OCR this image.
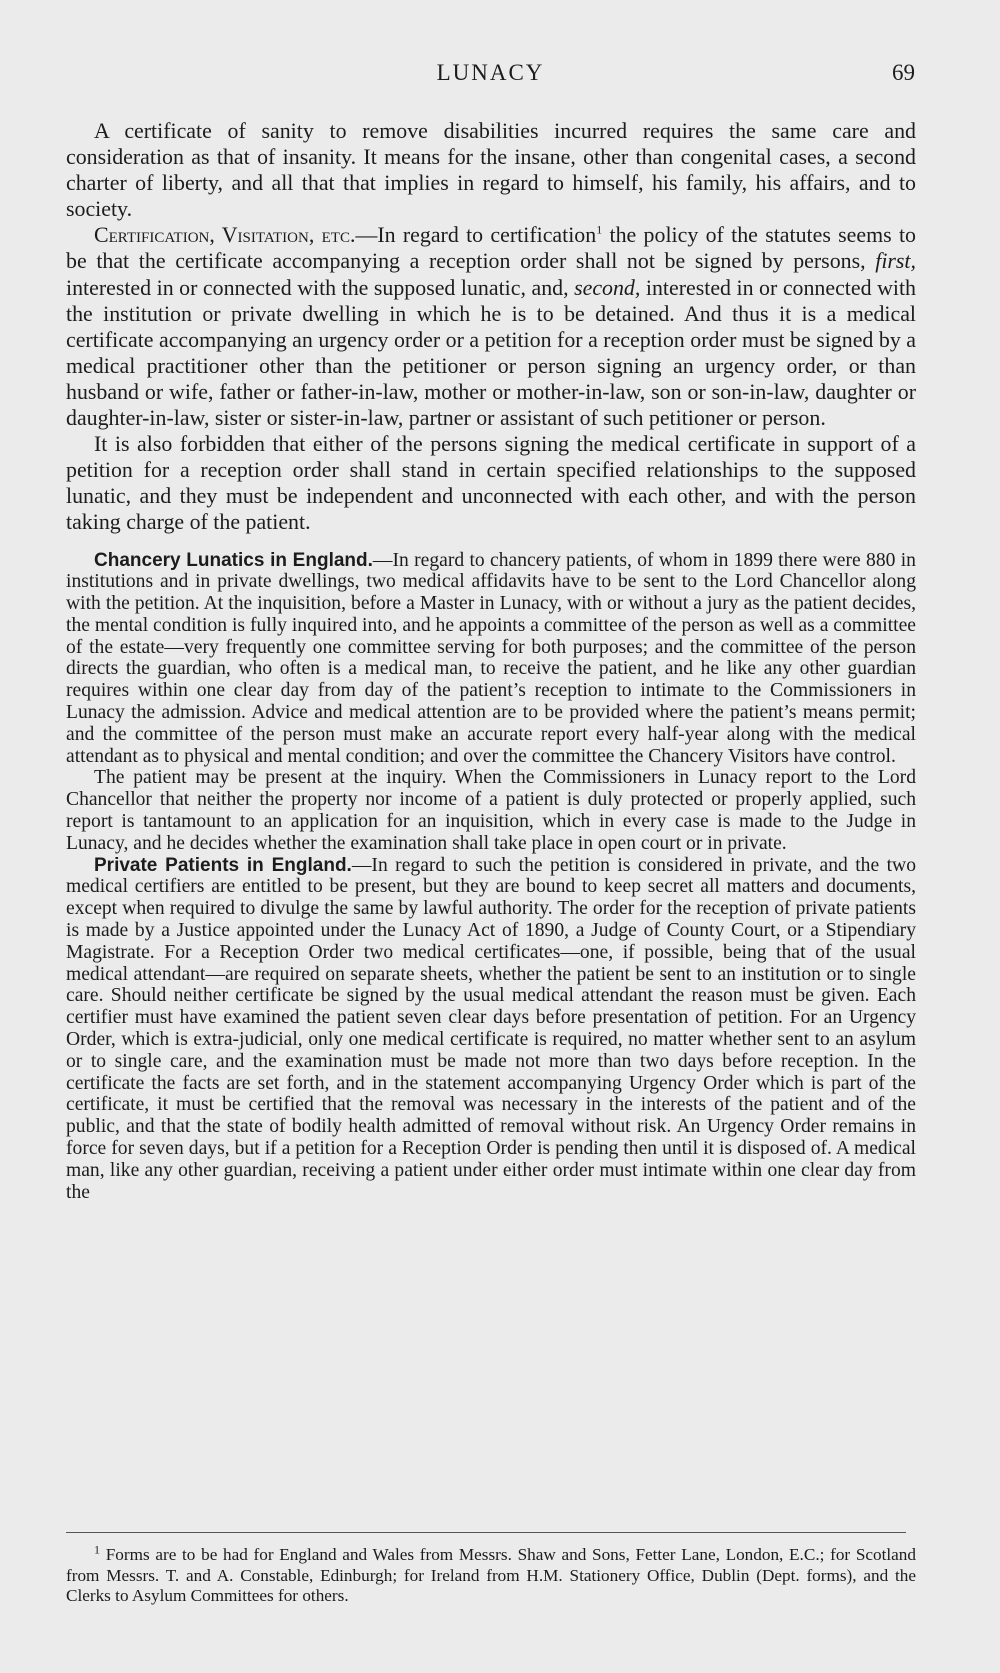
LUNACY	69

A certificate of sanity to remove disabilities incurred requires the same care and consideration as that of insanity. It means for the insane, other than congenital cases, a second charter of liberty, and all that that implies in regard to himself, his family, his affairs, and to society.

Certification, Visitation, etc.—In regard to certification$^1$ the policy of the statutes seems to be that the certificate accompanying a reception order shall not be signed by persons, first, interested in or connected with the supposed lunatic, and, second, interested in or connected with the institution or private dwelling in which he is to be detained. And thus it is a medical certificate accompanying an urgency order or a petition for a reception order must be signed by a medical practitioner other than the petitioner or person signing an urgency order, or than husband or wife, father or father-in-law, mother or mother-in-law, son or son-in-law, daughter or daughter-in-law, sister or sister-in-law, partner or assistant of such petitioner or person.

It is also forbidden that either of the persons signing the medical certificate in support of a petition for a reception order shall stand in certain specified relationships to the supposed lunatic, and they must be independent and unconnected with each other, and with the person taking charge of the patient.

Chancery Lunatics in England.—In regard to chancery patients, of whom in 1899 there were 880 in institutions and in private dwellings, two medical affidavits have to be sent to the Lord Chancellor along with the petition. At the inquisition, before a Master in Lunacy, with or without a jury as the patient decides, the mental condition is fully inquired into, and he appoints a committee of the person as well as a committee of the estate—very frequently one committee serving for both purposes; and the committee of the person directs the guardian, who often is a medical man, to receive the patient, and he like any other guardian requires within one clear day from day of the patient’s reception to intimate to the Commissioners in Lunacy the admission. Advice and medical attention are to be provided where the patient’s means permit; and the committee of the person must make an accurate report every half-year along with the medical attendant as to physical and mental condition; and over the committee the Chancery Visitors have control.

The patient may be present at the inquiry. When the Commissioners in Lunacy report to the Lord Chancellor that neither the property nor income of a patient is duly protected or properly applied, such report is tantamount to an application for an inquisition, which in every case is made to the Judge in Lunacy, and he decides whether the examination shall take place in open court or in private.

Private Patients in England.—In regard to such the petition is considered in private, and the two medical certifiers are entitled to be present, but they are bound to keep secret all matters and documents, except when required to divulge the same by lawful authority. The order for the reception of private patients is made by a Justice appointed under the Lunacy Act of 1890, a Judge of County Court, or a Stipendiary Magistrate. For a Reception Order two medical certificates—one, if possible, being that of the usual medical attendant—are required on separate sheets, whether the patient be sent to an institution or to single care. Should neither certificate be signed by the usual medical attendant the reason must be given. Each certifier must have examined the patient seven clear days before presentation of petition. For an Urgency Order, which is extra-judicial, only one medical certificate is required, no matter whether sent to an asylum or to single care, and the examination must be made not more than two days before reception. In the certificate the facts are set forth, and in the statement accompanying Urgency Order which is part of the certificate, it must be certified that the removal was necessary in the interests of the patient and of the public, and that the state of bodily health admitted of removal without risk. An Urgency Order remains in force for seven days, but if a petition for a Reception Order is pending then until it is disposed of. A medical man, like any other guardian, receiving a patient under either order must intimate within one clear day from the

$^1$ Forms are to be had for England and Wales from Messrs. Shaw and Sons, Fetter Lane, London, E.C.; for Scotland from Messrs. T. and A. Constable, Edinburgh; for Ireland from H.M. Stationery Office, Dublin (Dept. forms), and the Clerks to Asylum Committees for others.
